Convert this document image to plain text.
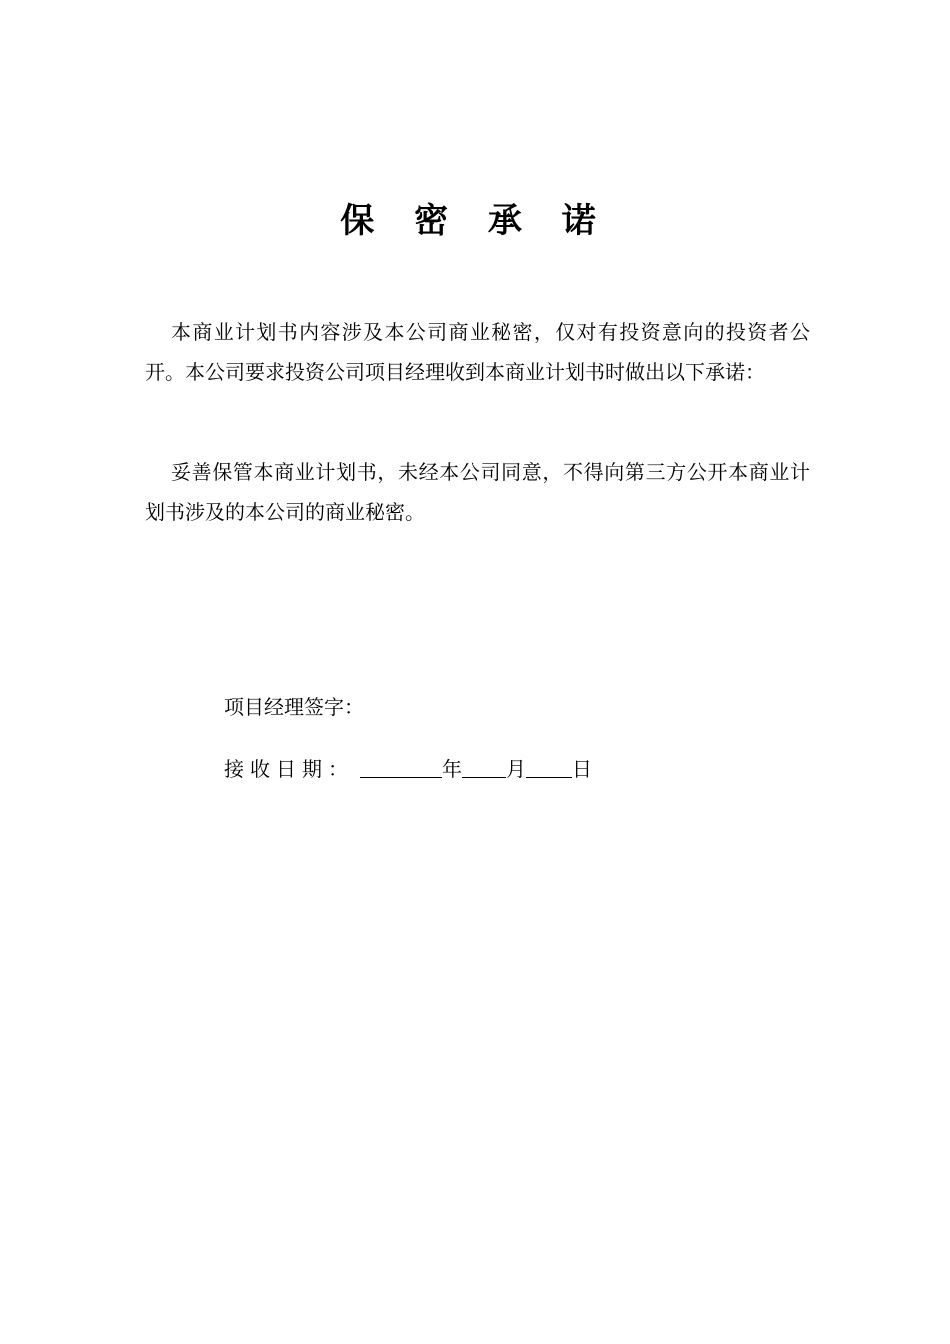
保 密 承 诺

本商业计划书内容涉及本公司商业秘密，仅对有投资意向的投资者公开。本公司要求投资公司项目经理收到本商业计划书时做出以下承诺：

妥善保管本商业计划书，未经本公司同意，不得向第三方公开本商业计划书涉及的本公司的商业秘密。

项目经理签字：
接收日期：	年 月 日
